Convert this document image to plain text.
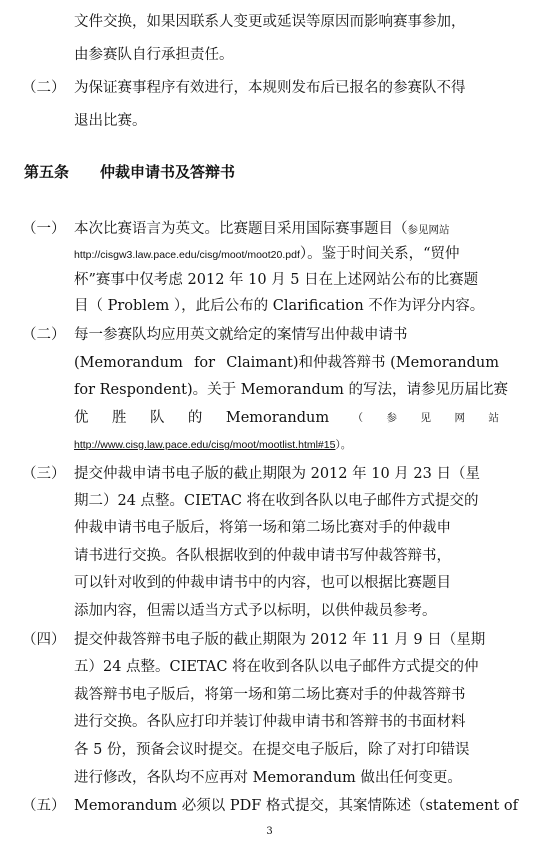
文件交换，如果因联系人变更或延误等原因而影响赛事参加，
由参赛队自行承担责任。
（二） 为保证赛事程序有效进行，本规则发布后已报名的参赛队不得
退出比赛。
第五条 仲裁申请书及答辩书
（一） 本次比赛语言为英文。比赛题目采用国际赛事题目（参见网站
http://cisgw3.law.pace.edu/cisg/moot/moot20.pdf）。鉴于时间关系，“贸仲
杯”赛事中仅考虑 2012 年 10 月 5 日在上述网站公布的比赛题
目（ Problem ），此后公布的 Clarification 不作为评分内容。
（二） 每一参赛队均应用英文就给定的案情写出仲裁申请书
(Memorandum for Claimant)和仲裁答辩书 (Memorandum
for Respondent)。关于 Memorandum 的写法，请参见历届比赛
优 胜 队 的 Memorandum （ 参 见 网 站
http://www.cisg.law.pace.edu/cisg/moot/mootlist.html#15）。
（三） 提交仲裁申请书电子版的截止期限为 2012 年 10 月 23 日（星
期二）24 点整。CIETAC 将在收到各队以电子邮件方式提交的
仲裁申请书电子版后，将第一场和第二场比赛对手的仲裁申
请书进行交换。各队根据收到的仲裁申请书写仲裁答辩书，
可以针对收到的仲裁申请书中的内容，也可以根据比赛题目
添加内容，但需以适当方式予以标明，以供仲裁员参考。
（四） 提交仲裁答辩书电子版的截止期限为 2012 年 11 月 9 日（星期
五）24 点整。CIETAC 将在收到各队以电子邮件方式提交的仲
裁答辩书电子版后，将第一场和第二场比赛对手的仲裁答辩书
进行交换。各队应打印并装订仲裁申请书和答辩书的书面材料
各 5 份，预备会议时提交。在提交电子版后，除了对打印错误
进行修改，各队均不应再对 Memorandum 做出任何变更。
（五） Memorandum 必须以 PDF 格式提交，其案情陈述（statement of
3
